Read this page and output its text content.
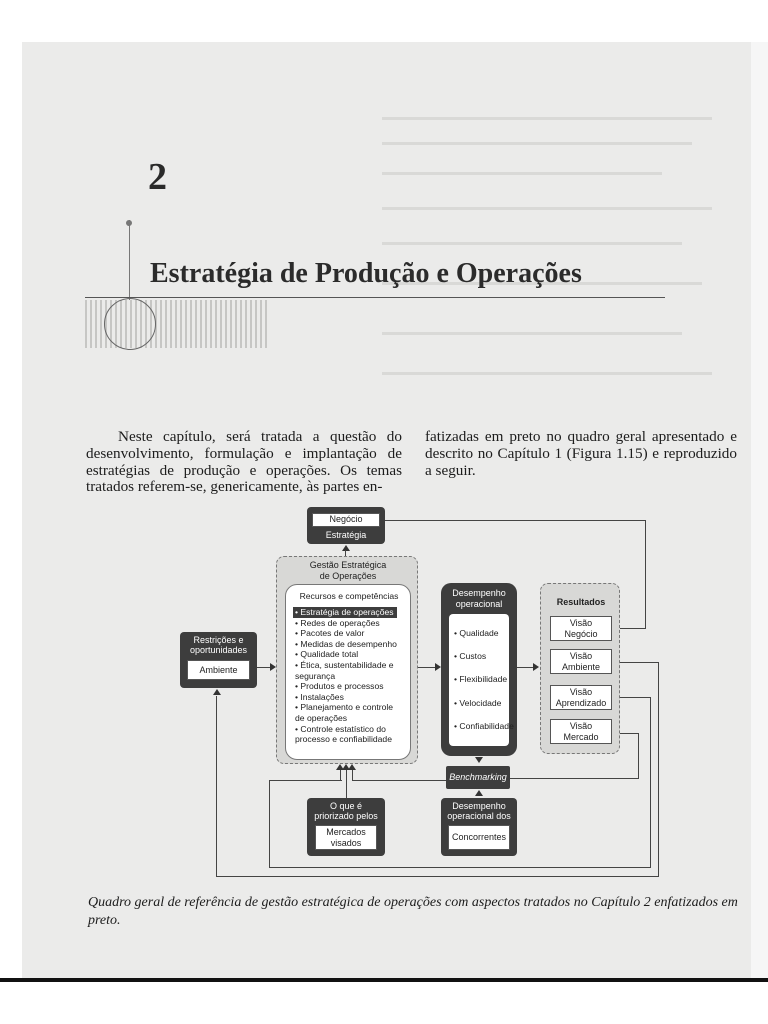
2
Estratégia de Produção e Operações

Neste capítulo, será tratada a questão do desenvolvimento, formulação e implantação de estratégias de produção e operações. Os temas tratados referem-se, genericamente, às partes en-

fatizadas em preto no quadro geral apresentado e descrito no Capítulo 1 (Figura 1.15) e reproduzido a seguir.

Negócio
Estratégia
Gestão Estratégica
de Operações
Recursos e competências
• Estratégia de operações
• Redes de operações
• Pacotes de valor
• Medidas de desempenho
• Qualidade total
• Ética, sustentabilidade e
segurança
• Produtos e processos
• Instalações
• Planejamento e controle
de operações
• Controle estatístico do
processo e confiabilidade
Restrições e
oportunidades
Ambiente
Desempenho
operacional
• Qualidade
• Custos
• Flexibilidade
• Velocidade
• Confiabilidade
Resultados
Visão
Negócio
Visão
Ambiente
Visão
Aprendizado
Visão
Mercado
Benchmarking
O que é
priorizado pelos
Mercados
visados
Desempenho
operacional dos
Concorrentes
Quadro geral de referência de gestão estratégica de operações com aspectos tratados no Capítulo 2 enfatizados em preto.
